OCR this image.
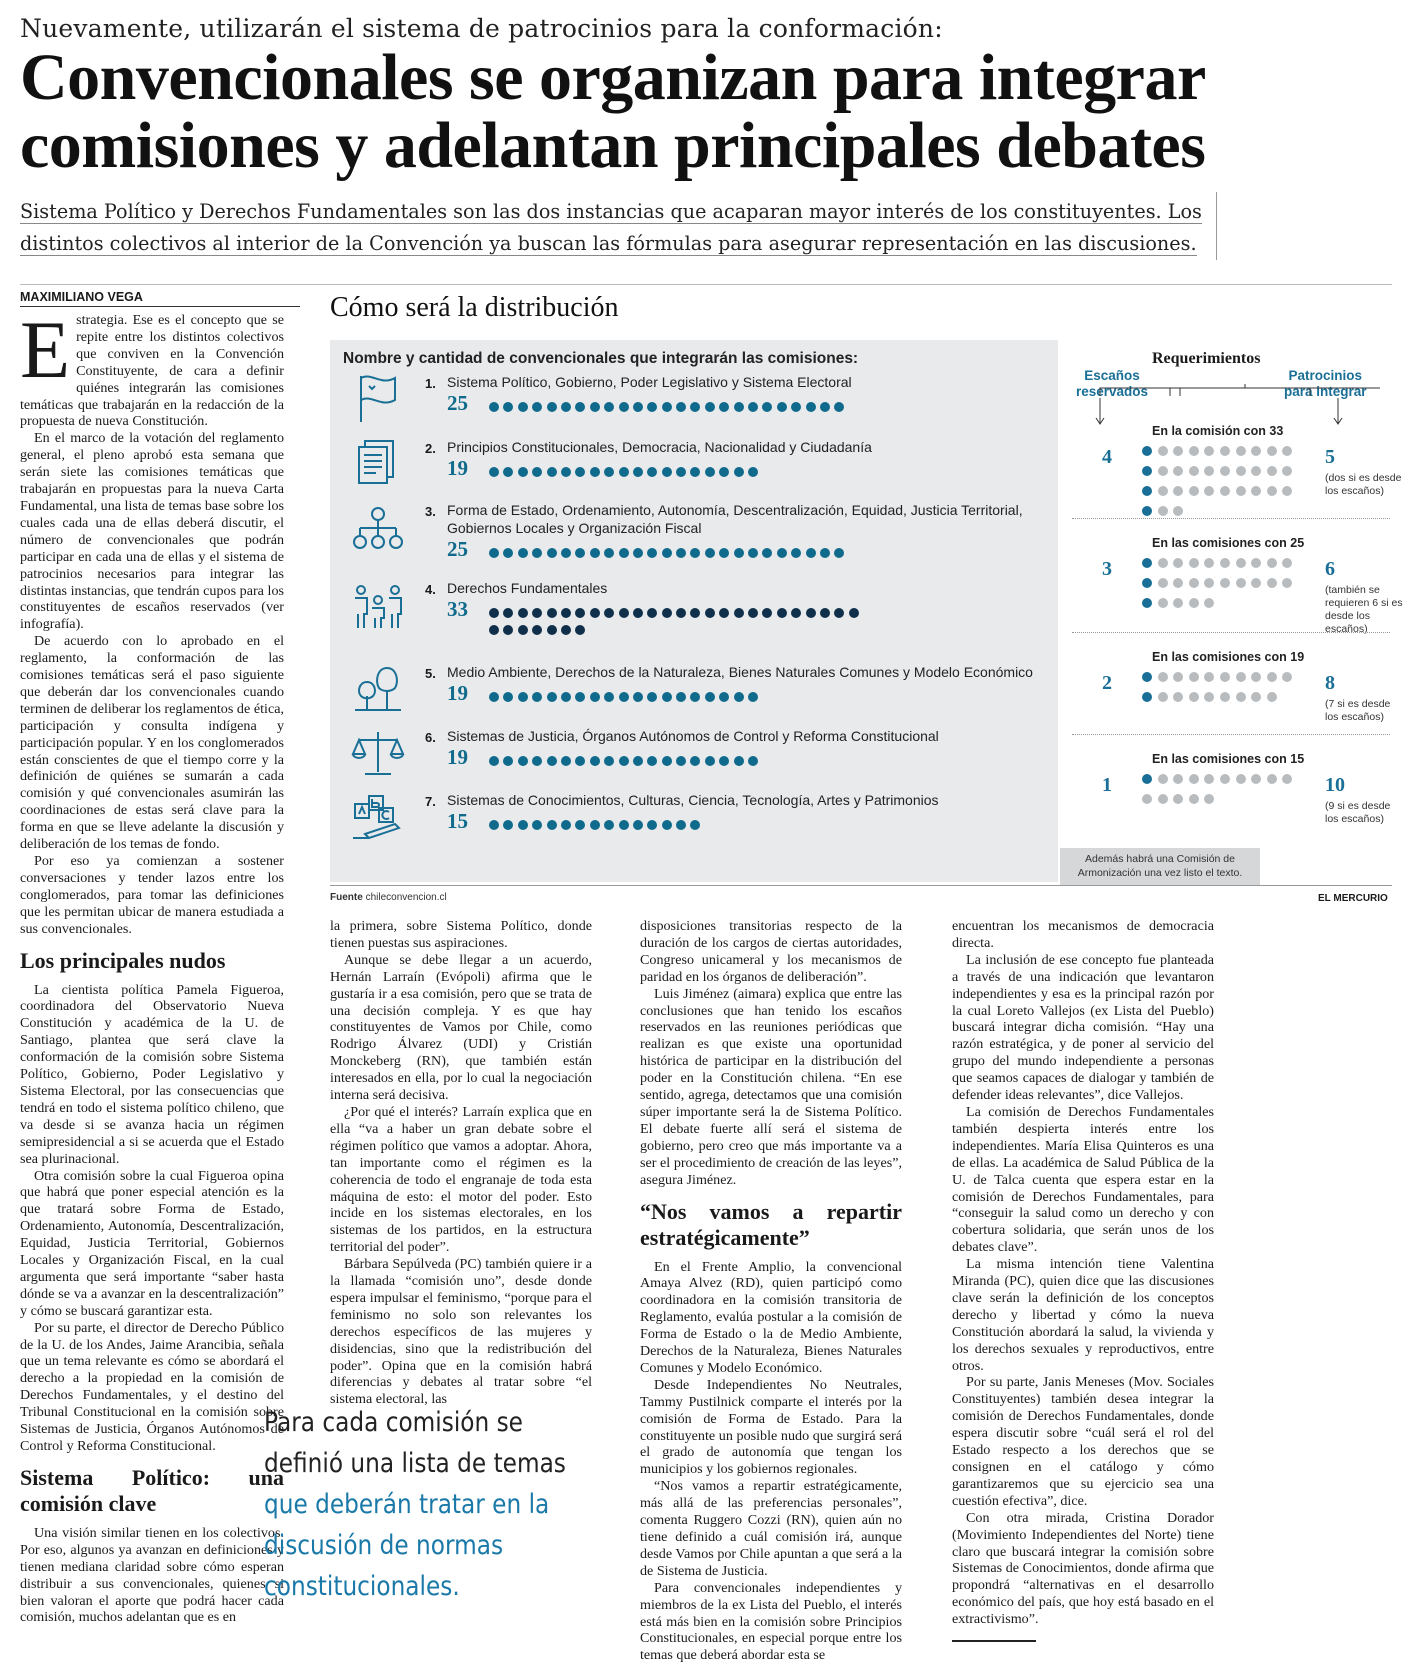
Nuevamente, utilizarán el sistema de patrocinios para la conformación:
Convencionales se organizan para integrar
comisiones y adelantan principales debates
Sistema Político y Derechos Fundamentales son las dos instancias que acaparan mayor interés de los constituyentes. Los
distintos colectivos al interior de la Convención ya buscan las fórmulas para asegurar representación en las discusiones.
MAXIMILIANO VEGA

Estrategia. Ese es el concepto que se repite entre los distintos colectivos que conviven en la Convención Constituyente, de cara a definir quiénes integrarán las comisiones temáticas que trabajarán en la redacción de la propuesta de nueva Constitución.

En el marco de la votación del reglamento general, el pleno aprobó esta semana que serán siete las comisiones temáticas que trabajarán en propuestas para la nueva Carta Fundamental, una lista de temas base sobre los cuales cada una de ellas deberá discutir, el número de convencionales que podrán participar en cada una de ellas y el sistema de patrocinios necesarios para integrar las distintas instancias, que tendrán cupos para los constituyentes de escaños reservados (ver infografía).

De acuerdo con lo aprobado en el reglamento, la conformación de las comisiones temáticas será el paso siguiente que deberán dar los convencionales cuando terminen de deliberar los reglamentos de ética, participación y consulta indígena y participación popular. Y en los conglomerados están conscientes de que el tiempo corre y la definición de quiénes se sumarán a cada comisión y qué convencionales asumirán las coordinaciones de estas será clave para la forma en que se lleve adelante la discusión y deliberación de los temas de fondo.

Por eso ya comienzan a sostener conversaciones y tender lazos entre los conglomerados, para tomar las definiciones que les permitan ubicar de manera estudiada a sus convencionales.

Los principales nudos

La cientista política Pamela Figueroa, coordinadora del Observatorio Nueva Constitución y académica de la U. de Santiago, plantea que será clave la conformación de la comisión sobre Sistema Político, Gobierno, Poder Legislativo y Sistema Electoral, por las consecuencias que tendrá en todo el sistema político chileno, que va desde si se avanza hacia un régimen semipresidencial a si se acuerda que el Estado sea plurinacional.

Otra comisión sobre la cual Figueroa opina que habrá que poner especial atención es la que tratará sobre Forma de Estado, Ordenamiento, Autonomía, Descentralización, Equidad, Justicia Territorial, Gobiernos Locales y Organización Fiscal, en la cual argumenta que será importante “saber hasta dónde se va a avanzar en la descentralización” y cómo se buscará garantizar esta.

Por su parte, el director de Derecho Público de la U. de los Andes, Jaime Arancibia, señala que un tema relevante es cómo se abordará el derecho a la propiedad en la comisión de Derechos Fundamentales, y el destino del Tribunal Constitucional en la comisión sobre Sistemas de Justicia, Órganos Autónomos de Control y Reforma Constitucional.

Sistema Político: una comisión clave

Una visión similar tienen en los colectivos. Por eso, algunos ya avanzan en definiciones y tienen mediana claridad sobre cómo esperan distribuir a sus convencionales, quienes si bien valoran el aporte que podrá hacer cada comisión, muchos adelantan que es en

la primera, sobre Sistema Político, donde tienen puestas sus aspiraciones.

Aunque se debe llegar a un acuerdo, Hernán Larraín (Evópoli) afirma que le gustaría ir a esa comisión, pero que se trata de una decisión compleja. Y es que hay constituyentes de Vamos por Chile, como Rodrigo Álvarez (UDI) y Cristián Monckeberg (RN), que también están interesados en ella, por lo cual la negociación interna será decisiva.

¿Por qué el interés? Larraín explica que en ella “va a haber un gran debate sobre el régimen político que vamos a adoptar. Ahora, tan importante como el régimen es la coherencia de todo el engranaje de toda esta máquina de esto: el motor del poder. Esto incide en los sistemas electorales, en los sistemas de los partidos, en la estructura territorial del poder”.

Bárbara Sepúlveda (PC) también quiere ir a la llamada “comisión uno”, desde donde espera impulsar el feminismo, “porque para el feminismo no solo son relevantes los derechos específicos de las mujeres y disidencias, sino que la redistribución del poder”. Opina que en la comisión habrá diferencias y debates al tratar sobre “el sistema electoral, las

Para cada comisión se definió una lista de temas que deberán tratar en la discusión de normas constitucionales.

disposiciones transitorias respecto de la duración de los cargos de ciertas autoridades, Congreso unicameral y los mecanismos de paridad en los órganos de deliberación”.

Luis Jiménez (aimara) explica que entre las conclusiones que han tenido los escaños reservados en las reuniones periódicas que realizan es que existe una oportunidad histórica de participar en la distribución del poder en la Constitución chilena. “En ese sentido, agrega, detectamos que una comisión súper importante será la de Sistema Político. El debate fuerte allí será el sistema de gobierno, pero creo que más importante va a ser el procedimiento de creación de las leyes”, asegura Jiménez.

“Nos vamos a repartir estratégicamente”

En el Frente Amplio, la convencional Amaya Alvez (RD), quien participó como coordinadora en la comisión transitoria de Reglamento, evalúa postular a la comisión de Forma de Estado o la de Medio Ambiente, Derechos de la Naturaleza, Bienes Naturales Comunes y Modelo Económico.

Desde Independientes No Neutrales, Tammy Pustilnick comparte el interés por la comisión de Forma de Estado. Para la constituyente un posible nudo que surgirá será el grado de autonomía que tengan los municipios y los gobiernos regionales.

“Nos vamos a repartir estratégicamente, más allá de las preferencias personales”, comenta Ruggero Cozzi (RN), quien aún no tiene definido a cuál comisión irá, aunque desde Vamos por Chile apuntan a que será a la de Sistema de Justicia.

Para convencionales independientes y miembros de la ex Lista del Pueblo, el interés está más bien en la comisión sobre Principios Constitucionales, en especial porque entre los temas que deberá abordar esta se

encuentran los mecanismos de democracia directa.

La inclusión de ese concepto fue planteada a través de una indicación que levantaron independientes y esa es la principal razón por la cual Loreto Vallejos (ex Lista del Pueblo) buscará integrar dicha comisión. “Hay una razón estratégica, y de poner al servicio del grupo del mundo independiente a personas que seamos capaces de dialogar y también de defender ideas relevantes”, dice Vallejos.

La comisión de Derechos Fundamentales también despierta interés entre los independientes. María Elisa Quinteros es una de ellas. La académica de Salud Pública de la U. de Talca cuenta que espera estar en la comisión de Derechos Fundamentales, para “conseguir la salud como un derecho y con cobertura solidaria, que serán unos de los debates clave”.

La misma intención tiene Valentina Miranda (PC), quien dice que las discusiones clave serán la definición de los conceptos derecho y libertad y cómo la nueva Constitución abordará la salud, la vivienda y los derechos sexuales y reproductivos, entre otros.

Por su parte, Janis Meneses (Mov. Sociales Constituyentes) también desea integrar la comisión de Derechos Fundamentales, donde espera discutir sobre “cuál será el rol del Estado respecto a los derechos que se consignen en el catálogo y cómo garantizaremos que su ejercicio sea una cuestión efectiva”, dice.

Con otra mirada, Cristina Dorador (Movimiento Independientes del Norte) tiene claro que buscará integrar la comisión sobre Sistemas de Conocimientos, donde afirma que propondrá “alternativas en el desarrollo económico del país, que hoy está basado en el extractivismo”.

Cómo será la distribución
Nombre y cantidad de convencionales que integrarán las comisiones:
1. Sistema Político, Gobierno, Poder Legislativo y Sistema Electoral
25
2. Principios Constitucionales, Democracia, Nacionalidad y Ciudadanía
19
3. Forma de Estado, Ordenamiento, Autonomía, Descentralización, Equidad, Justicia Territorial, Gobiernos Locales y Organización Fiscal
25
4. Derechos Fundamentales
33

5. Medio Ambiente, Derechos de la Naturaleza, Bienes Naturales Comunes y Modelo Económico
19
6. Sistemas de Justicia, Órganos Autónomos de Control y Reforma Constitucional
19
7. Sistemas de Conocimientos, Culturas, Ciencia, Tecnología, Artes y Patrimonios
15
Además habrá una Comisión de Armonización una vez listo el texto.
Fuente chileconvencion.cl	EL MERCURIO
Requerimientos
Escaños
reservados
Patrocinios
para integrar
En la comisión con 33
4	5
(dos si es desde los escaños)
En las comisiones con 25
3	6
(también se requieren 6 si es desde los escaños)
En las comisiones con 19
2	8
(7 si es desde los escaños)
En las comisiones con 15
1	10
(9 si es desde los escaños)
